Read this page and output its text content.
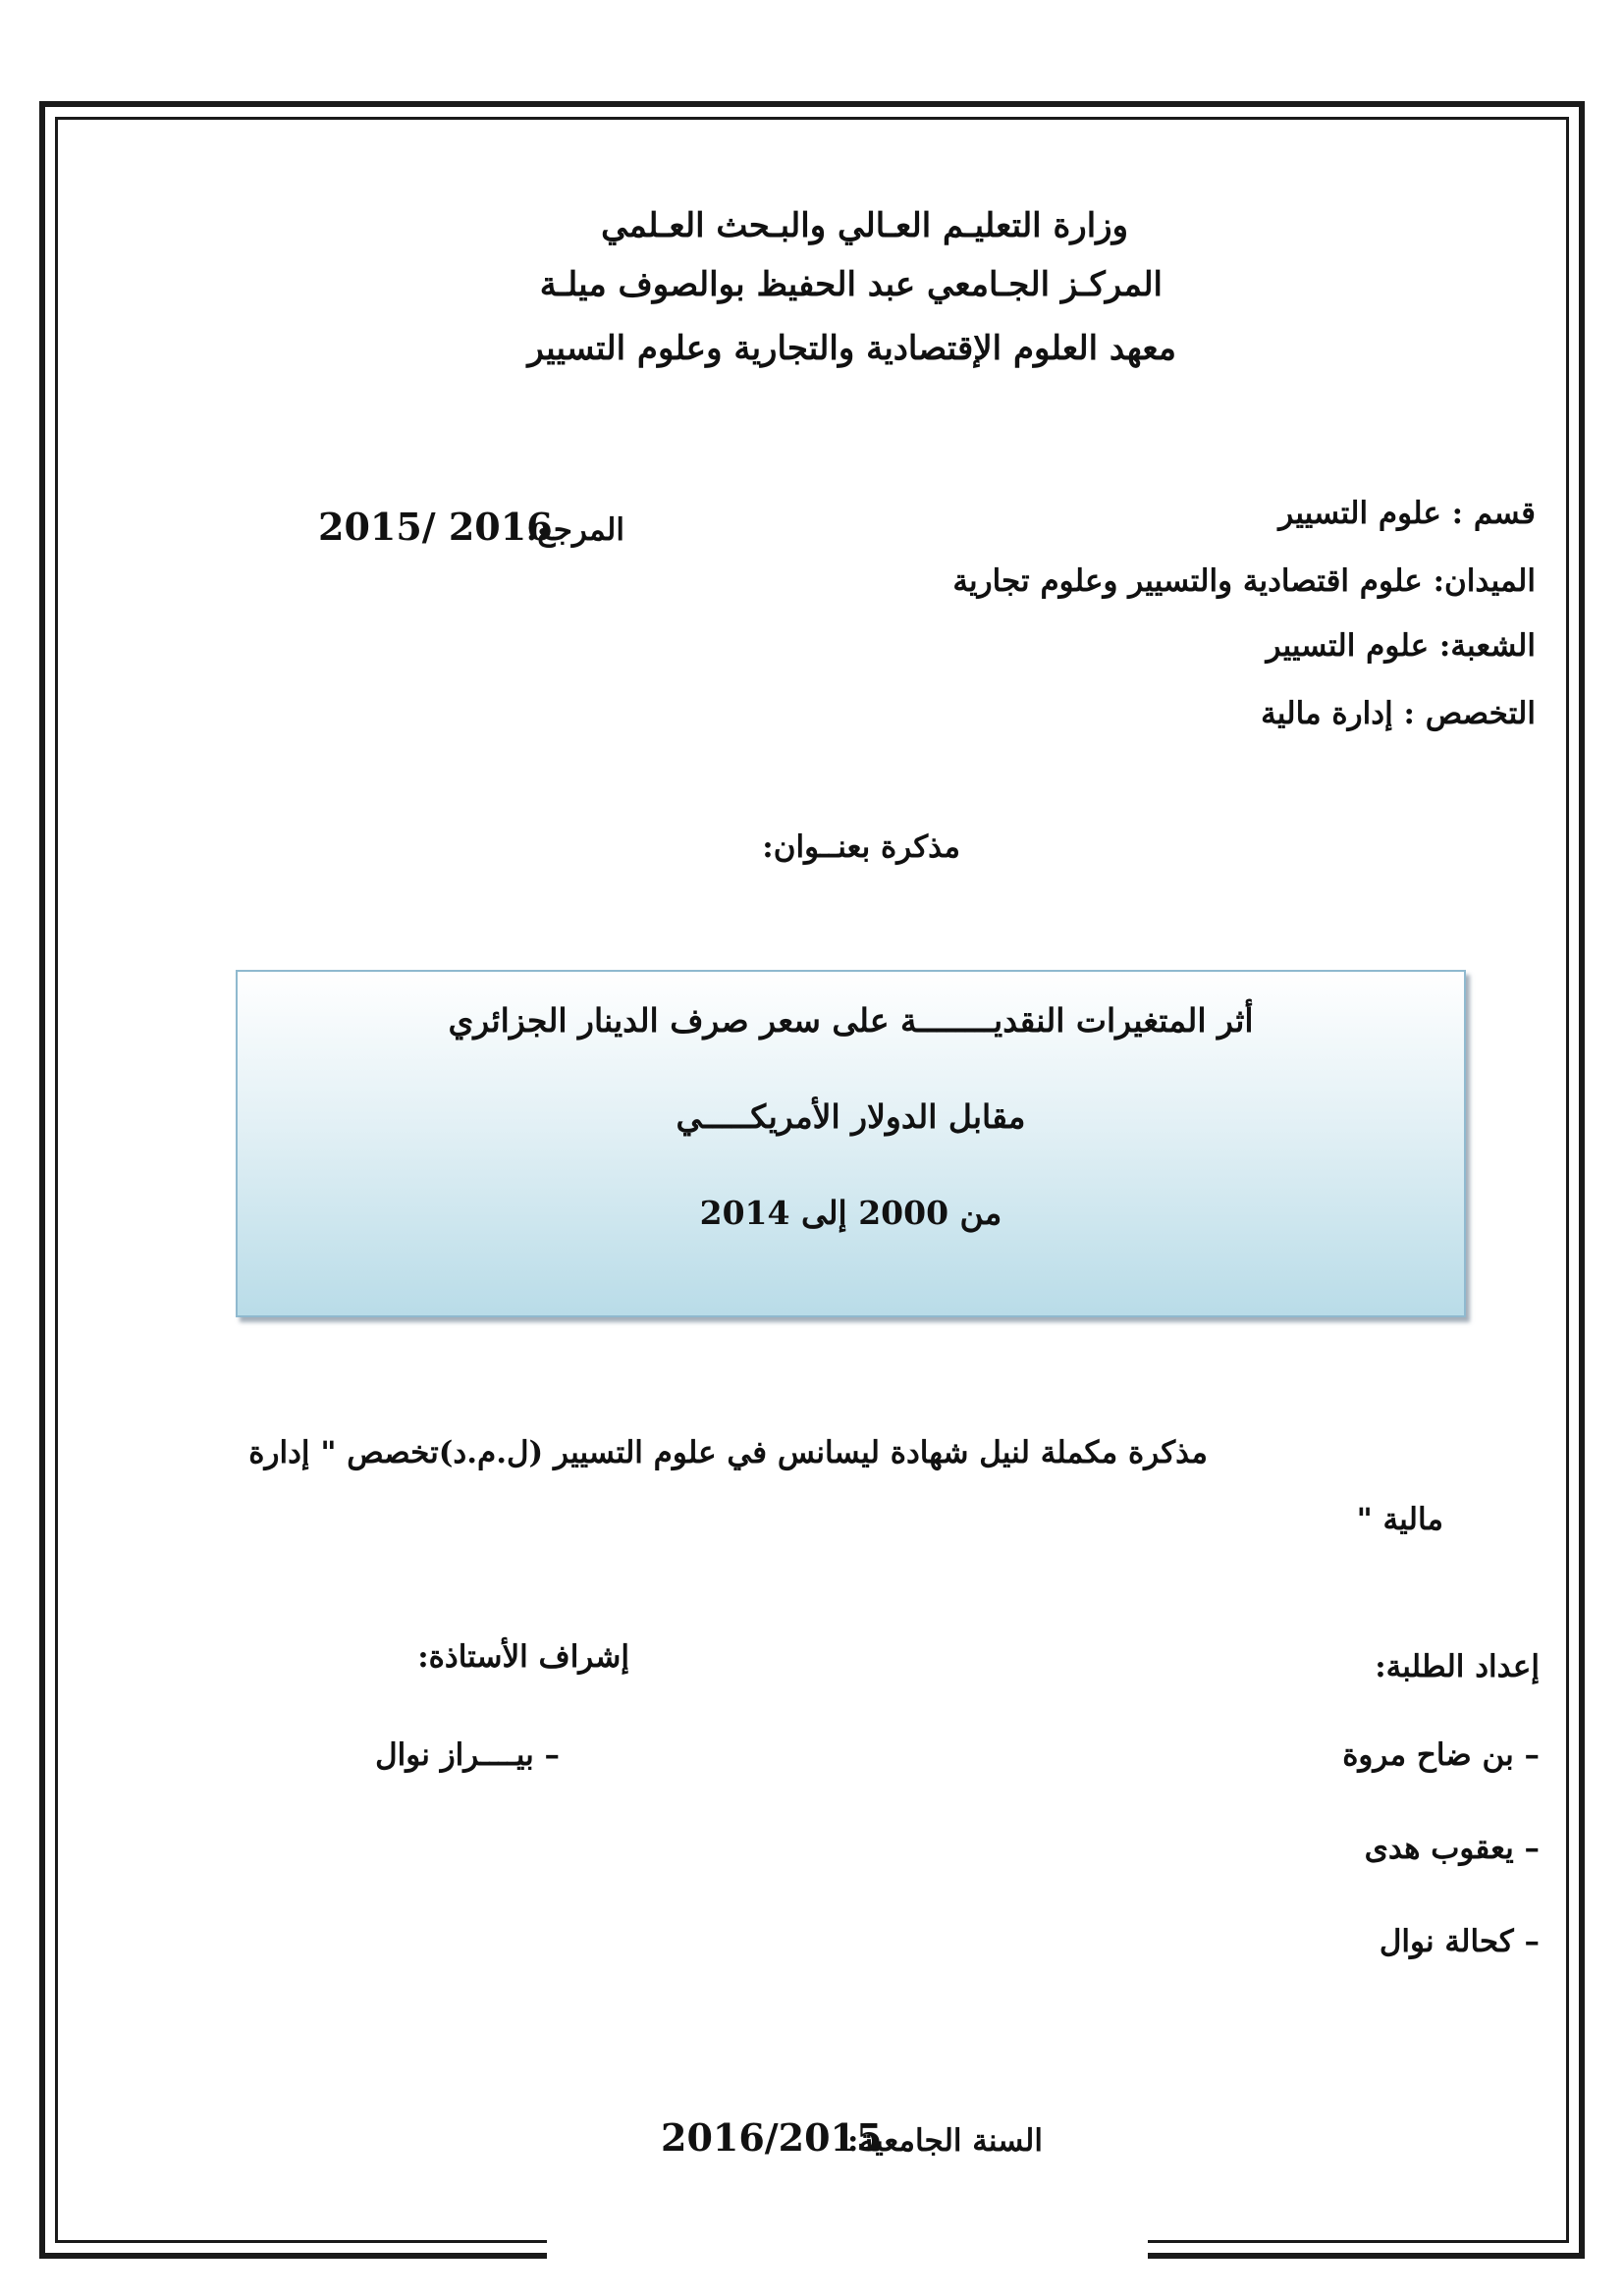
وزارة التعليـم العـالي والبـحث العـلمي
المركـز الجـامعي عبد الحفيظ بوالصوف ميلـة
معهد العلوم الإقتصادية والتجارية وعلوم التسيير
قسم : علوم التسيير
الميدان: علوم اقتصادية والتسيير وعلوم تجارية
الشعبة: علوم التسيير
التخصص : إدارة مالية
المرجع:
2015/ 2016
مذكرة بعنــوان:
أثر المتغيرات النقديــــــــة على سعر صرف الدينار الجزائري
مقابل الدولار الأمريكـــــي
من 2000 إلى 2014
مذكرة مكملة لنيل شهادة ليسانس في علوم التسيير (ل.م.د)تخصص " إدارة
مالية "
إعداد الطلبة:
– بن ضاح مروة
– يعقوب هدى
– كحالة نوال
إشراف الأستاذة:
– بيــــراز نوال
السنة الجامعية:
2016/2015
